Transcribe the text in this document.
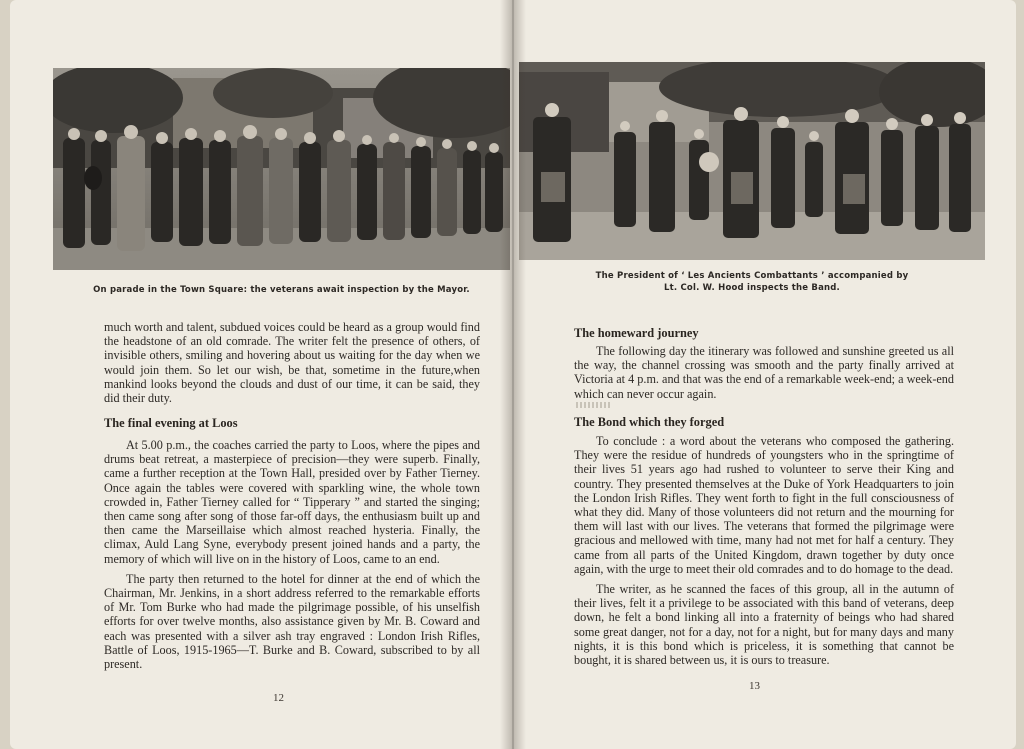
On parade in the Town Square: the veterans await inspection by the Mayor.

much worth and talent, subdued voices could be heard as a group would find the headstone of an old comrade. The writer felt the presence of others, of invisible others, smiling and hovering about us waiting for the day when we would join them. So let our wish, be that, sometime in the future,when mankind looks beyond the clouds and dust of our time, it can be said, they did their duty.

The final evening at Loos

At 5.00 p.m., the coaches carried the party to Loos, where the pipes and drums beat retreat, a masterpiece of precision—they were superb. Finally, came a further reception at the Town Hall, presided over by Father Tierney. Once again the tables were covered with sparkling wine, the whole town crowded in, Father Tierney called for “ Tipperary ” and started the singing; then came song after song of those far-off days, the enthusiasm built up and then came the Marseillaise which almost reached hysteria. Finally, the climax, Auld Lang Syne, everybody present joined hands and a party, the memory of which will live on in the history of Loos, came to an end.

The party then returned to the hotel for dinner at the end of which the Chairman, Mr. Jenkins, in a short address referred to the remarkable efforts of Mr. Tom Burke who had made the pilgrimage possible, of his unselfish efforts for over twelve months, also assistance given by Mr. B. Coward and each was presented with a silver ash tray engraved : London Irish Rifles, Battle of Loos, 1915-1965—T. Burke and B. Coward, subscribed to by all present.

12
The President of ‘ Les Ancients Combattants ’ accompanied by
Lt. Col. W. Hood inspects the Band.
The homeward journey

The following day the itinerary was followed and sunshine greeted us all the way, the channel crossing was smooth and the party finally arrived at Victoria at 4 p.m. and that was the end of a remarkable week-end; a week-end which can never occur again.

The Bond which they forged

To conclude : a word about the veterans who composed the gathering. They were the residue of hundreds of youngsters who in the springtime of their lives 51 years ago had rushed to volunteer to serve their King and country. They presented themselves at the Duke of York Headquarters to join the London Irish Rifles. They went forth to fight in the full consciousness of what they did. Many of those volunteers did not return and the mourning for them will last with our lives. The veterans that formed the pilgrimage were gracious and mellowed with time, many had not met for half a century. They came from all parts of the United Kingdom, drawn together by duty once again, with the urge to meet their old comrades and to do homage to the dead.

The writer, as he scanned the faces of this group, all in the autumn of their lives, felt it a privilege to be associated with this band of veterans, deep down, he felt a bond linking all into a fraternity of beings who had shared some great danger, not for a day, not for a night, but for many days and many nights, it is this bond which is priceless, it is something that cannot be bought, it is shared between us, it is ours to treasure.

13
